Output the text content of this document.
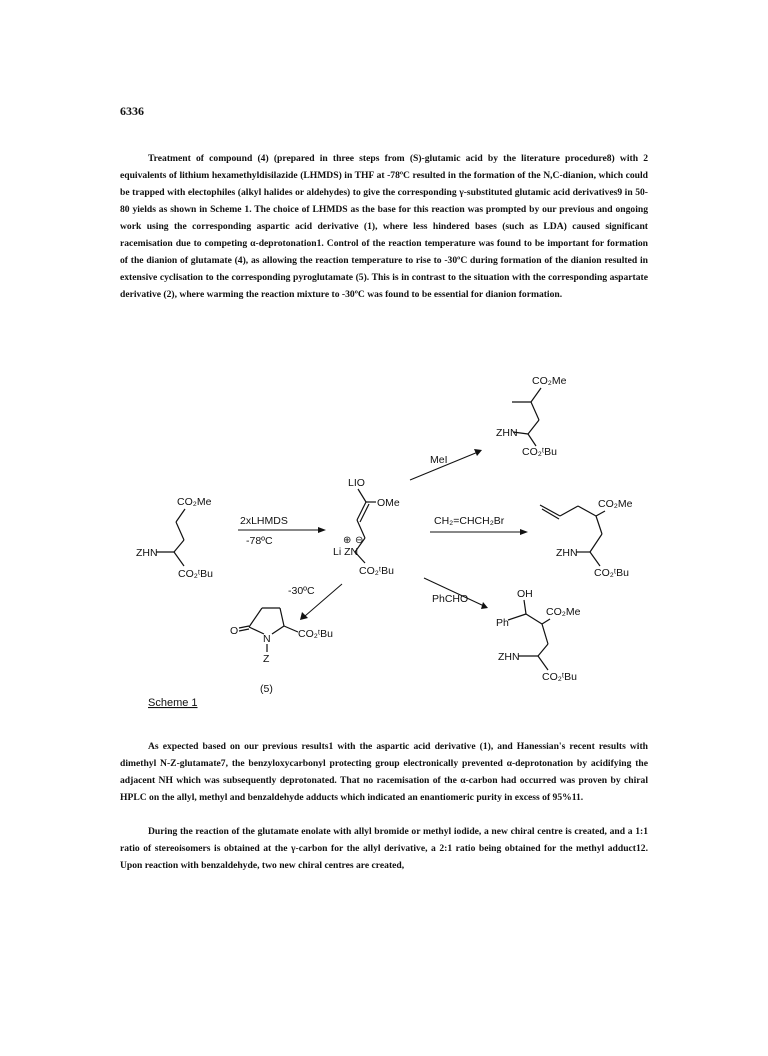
6336

Treatment of compound (4) (prepared in three steps from (S)-glutamic acid by the literature procedure8) with 2 equivalents of lithium hexamethyldisilazide (LHMDS) in THF at -78ºC resulted in the formation of the N,C-dianion, which could be trapped with electophiles (alkyl halides or aldehydes) to give the corresponding γ-substituted glutamic acid derivatives9 in 50-80 yields as shown in Scheme 1. The choice of LHMDS as the base for this reaction was prompted by our previous and ongoing work using the corresponding aspartic acid derivative (1), where less hindered bases (such as LDA) caused significant racemisation due to competing α-deprotonation1. Control of the reaction temperature was found to be important for formation of the dianion of glutamate (4), as allowing the reaction temperature to rise to -30ºC during formation of the dianion resulted in extensive cyclisation to the corresponding pyroglutamate (5). This is in contrast to the situation with the corresponding aspartate derivative (2), where warming the reaction mixture to -30ºC was found to be essential for dianion formation.

CO₂Me
ZHN
CO₂ᵗBu
CO₂Me
ZHN
CO₂ᵗBu
LIO
OMe
⊕ ⊖
Li ZN
CO₂ᵗBu
2xLHMDS
-78ºC
MeI
CH₂=CHCH₂Br
CO₂Me
ZHN
CO₂ᵗBu
PhCHO	OH
Ph
CO₂Me
ZHN
CO₂ᵗBu
-30ºC
O
N	CO₂ᵗBu
Z
(5)
Scheme 1

As expected based on our previous results1 with the aspartic acid derivative (1), and Hanessian's recent results with dimethyl N-Z-glutamate7, the benzyloxycarbonyl protecting group electronically prevented α-deprotonation by acidifying the adjacent NH which was subsequently deprotonated. That no racemisation of the α-carbon had occurred was proven by chiral HPLC on the allyl, methyl and benzaldehyde adducts which indicated an enantiomeric purity in excess of 95%11.

During the reaction of the glutamate enolate with allyl bromide or methyl iodide, a new chiral centre is created, and a 1:1 ratio of stereoisomers is obtained at the γ-carbon for the allyl derivative, a 2:1 ratio being obtained for the methyl adduct12. Upon reaction with benzaldehyde, two new chiral centres are created,
